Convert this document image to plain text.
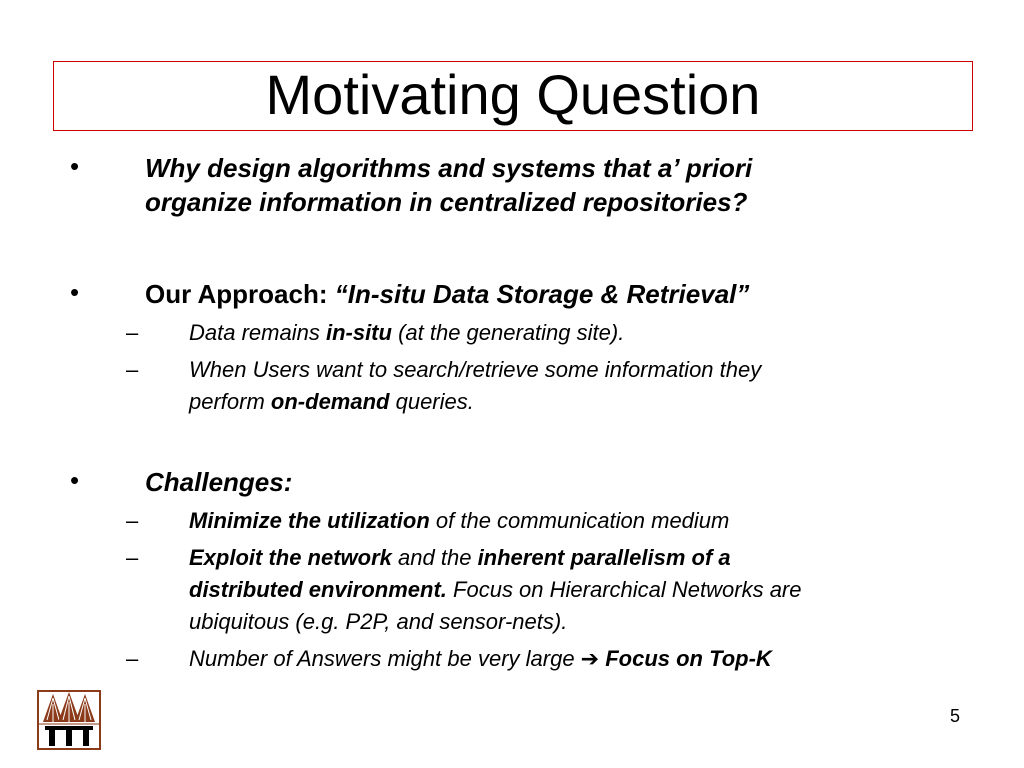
Motivating Question
•	Why design algorithms and systems that a’ priori
organize information in centralized repositories?
•	Our Approach: “In-situ Data Storage & Retrieval”
– Data remains in-situ (at the generating site).
– When Users want to search/retrieve some information they
perform on-demand queries.
•	Challenges:
– Minimize the utilization of the communication medium
– Exploit the network and the inherent parallelism of a
distributed environment. Focus on Hierarchical Networks are
ubiquitous (e.g. P2P, and sensor-nets).
– Number of Answers might be very large ➔ Focus on Top-K
5
